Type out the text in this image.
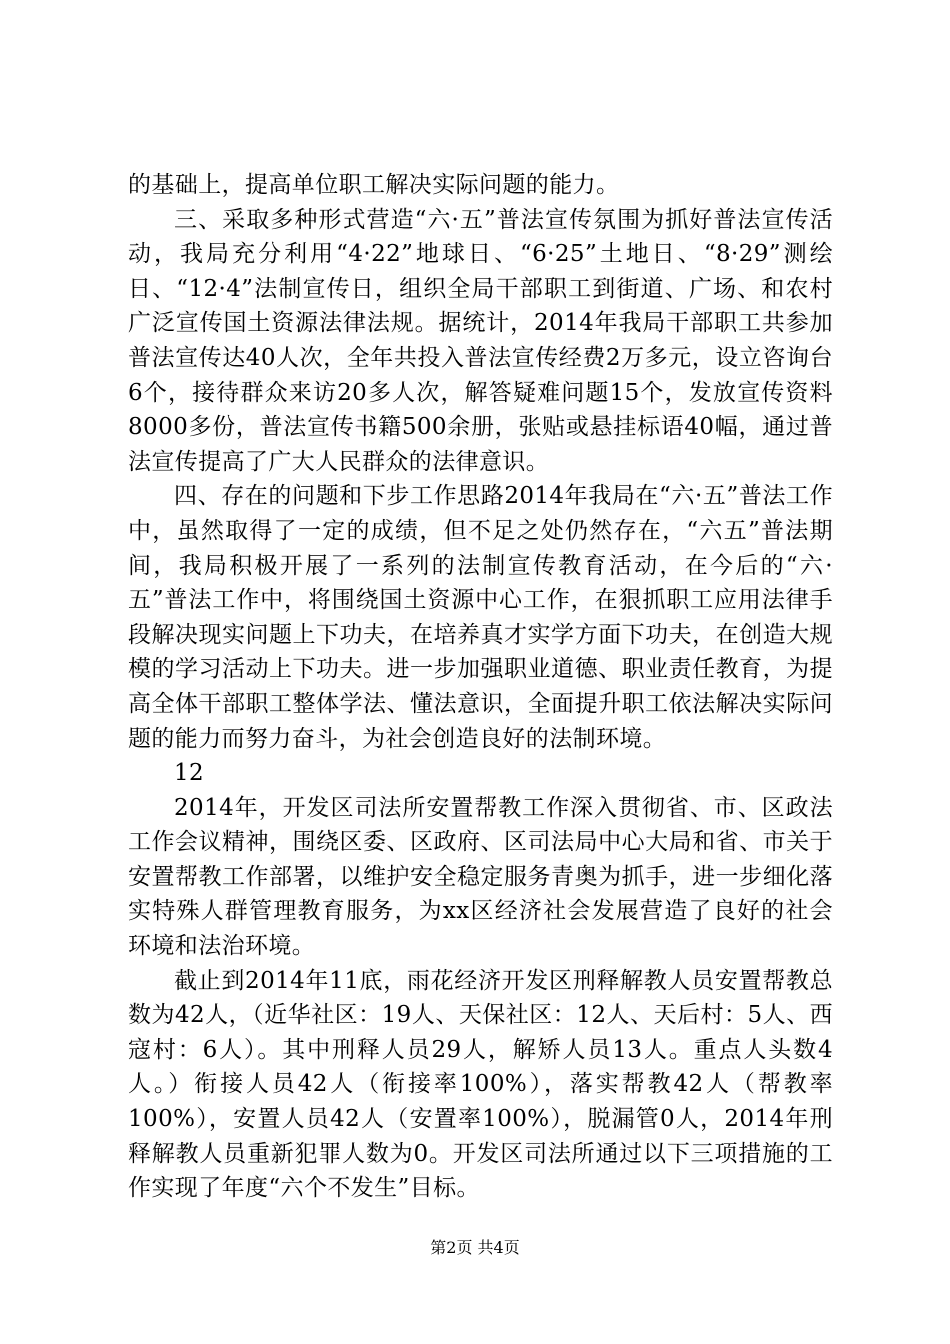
的基础上，提高单位职工解决实际问题的能力。

三、采取多种形式营造“六·五”普法宣传氛围为抓好普法宣传活动，我局充分利用“4·22”地球日、“6·25”土地日、“8·29”测绘日、“12·4”法制宣传日，组织全局干部职工到街道、广场、和农村广泛宣传国土资源法律法规。据统计，2014年我局干部职工共参加普法宣传达40人次，全年共投入普法宣传经费2万多元，设立咨询台6个，接待群众来访20多人次，解答疑难问题15个，发放宣传资料8000多份，普法宣传书籍500余册，张贴或悬挂标语40幅，通过普法宣传提高了广大人民群众的法律意识。

四、存在的问题和下步工作思路2014年我局在“六·五”普法工作中，虽然取得了一定的成绩，但不足之处仍然存在，“六五”普法期间，我局积极开展了一系列的法制宣传教育活动，在今后的“六·五”普法工作中，将围绕国土资源中心工作，在狠抓职工应用法律手段解决现实问题上下功夫，在培养真才实学方面下功夫，在创造大规模的学习活动上下功夫。进一步加强职业道德、职业责任教育，为提高全体干部职工整体学法、懂法意识，全面提升职工依法解决实际问题的能力而努力奋斗，为社会创造良好的法制环境。

12

2014年，开发区司法所安置帮教工作深入贯彻省、市、区政法工作会议精神，围绕区委、区政府、区司法局中心大局和省、市关于安置帮教工作部署，以维护安全稳定服务青奥为抓手，进一步细化落实特殊人群管理教育服务，为xx区经济社会发展营造了良好的社会环境和法治环境。

截止到2014年11底，雨花经济开发区刑释解教人员安置帮教总数为42人，（近华社区：19人、天保社区：12人、天后村：5人、西寇村：6人）。其中刑释人员29人，解矫人员13人。重点人头数4人。）衔接人员42人（衔接率100%），落实帮教42人（帮教率100%），安置人员42人（安置率100%），脱漏管0人，2014年刑释解教人员重新犯罪人数为0。开发区司法所通过以下三项措施的工作实现了年度“六个不发生”目标。

第2页 共4页
